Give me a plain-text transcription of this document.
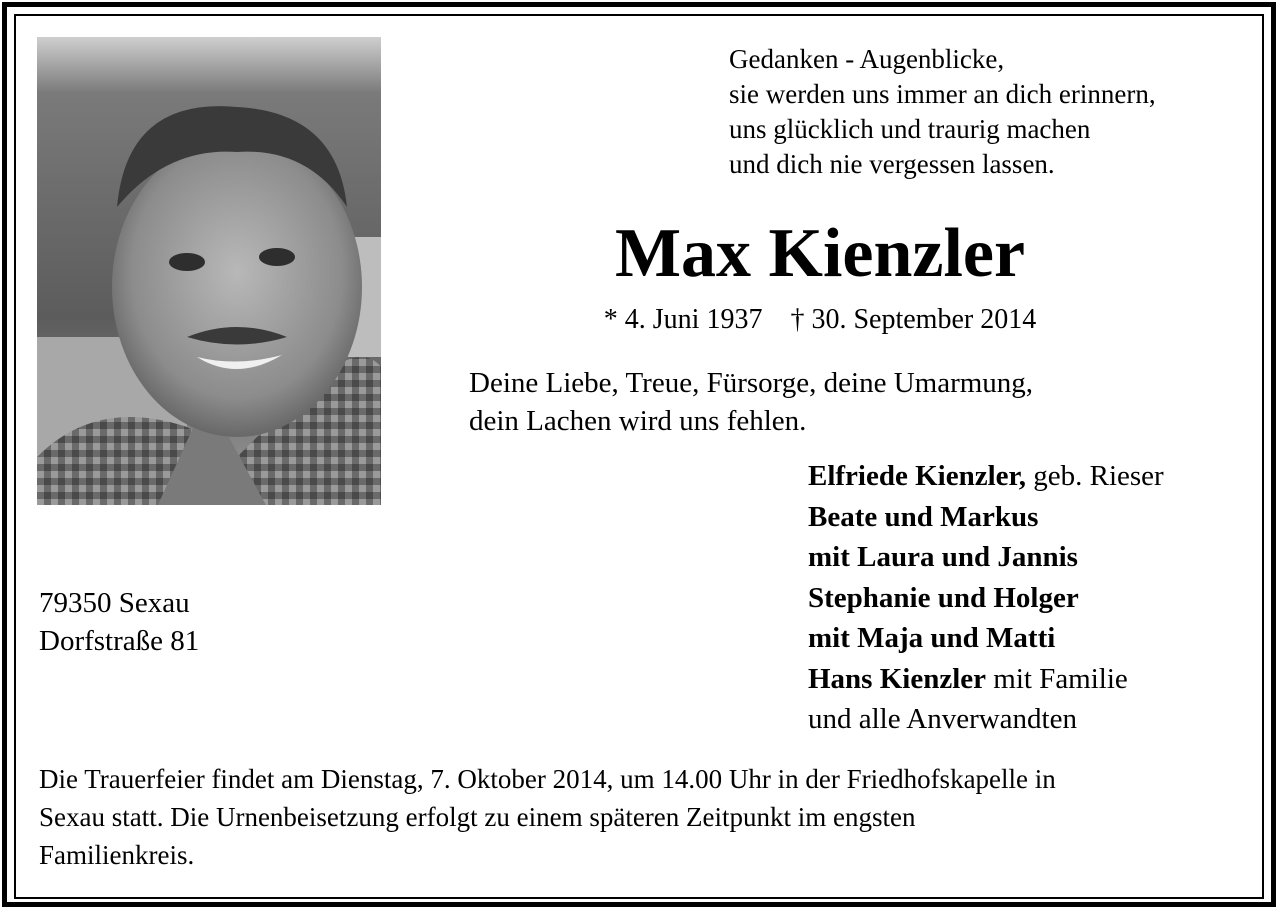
Gedanken - Augenblicke,
sie werden uns immer an dich erinnern,
uns glücklich und traurig machen
und dich nie vergessen lassen.
Max Kienzler
* 4. Juni 1937 † 30. September 2014
Deine Liebe, Treue, Fürsorge, deine Umarmung,
dein Lachen wird uns fehlen.
Elfriede Kienzler, geb. Rieser
Beate und Markus
mit Laura und Jannis
Stephanie und Holger
mit Maja und Matti
Hans Kienzler mit Familie
und alle Anverwandten
79350 Sexau
Dorfstraße 81
Die Trauerfeier findet am Dienstag, 7. Oktober 2014, um 14.00 Uhr in der Friedhofskapelle in
Sexau statt. Die Urnenbeisetzung erfolgt zu einem späteren Zeitpunkt im engsten
Familienkreis.
